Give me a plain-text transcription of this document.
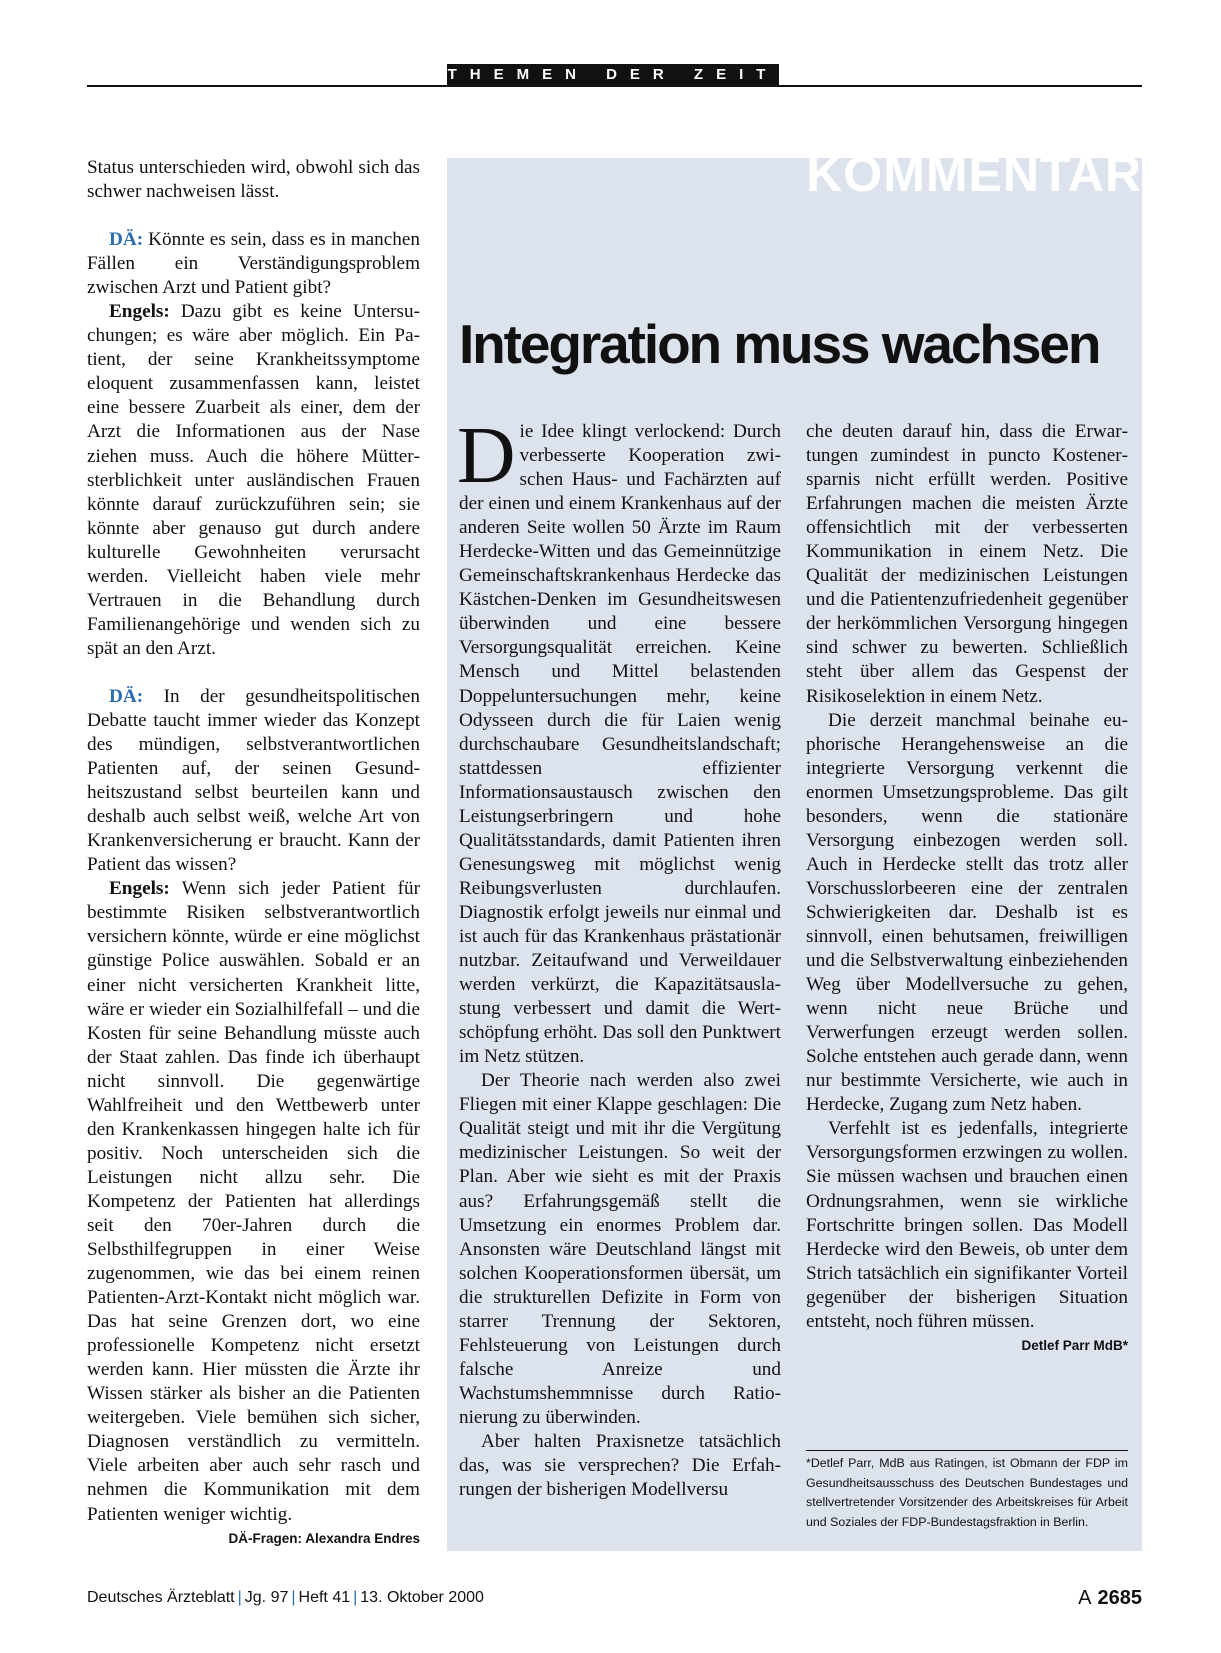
THEMEN DER ZEIT

Status unterschieden wird, obwohl sich das schwer nachweisen lässt.

DÄ: Könnte es sein, dass es in manchen Fällen ein Verständigungsproblem zwischen Arzt und Patient gibt?

Engels: Dazu gibt es keine Untersuchungen; es wäre aber möglich. Ein Patient, der seine Krankheitssymptome eloquent zusammenfassen kann, leistet eine bessere Zuarbeit als einer, dem der Arzt die Informationen aus der Nase ziehen muss. Auch die höhere Müttersterblichkeit unter ausländischen Frauen könnte darauf zurückzuführen sein; sie könnte aber genauso gut durch andere kulturelle Gewohnheiten verursacht werden. Vielleicht haben viele mehr Vertrauen in die Behandlung durch Familienangehörige und wenden sich zu spät an den Arzt.

DÄ: In der gesundheitspolitischen Debatte taucht immer wieder das Konzept des mündigen, selbstverantwortlichen Patienten auf, der seinen Gesundheitszustand selbst beurteilen kann und deshalb auch selbst weiß, welche Art von Krankenversicherung er braucht. Kann der Patient das wissen?

Engels: Wenn sich jeder Patient für bestimmte Risiken selbstverantwortlich versichern könnte, würde er eine möglichst günstige Police auswählen. Sobald er an einer nicht versicherten Krankheit litte, wäre er wieder ein Sozialhilfefall – und die Kosten für seine Behandlung müsste auch der Staat zahlen. Das finde ich überhaupt nicht sinnvoll. Die gegenwärtige Wahlfreiheit und den Wettbewerb unter den Krankenkassen hingegen halte ich für positiv. Noch unterscheiden sich die Leistungen nicht allzu sehr. Die Kompetenz der Patienten hat allerdings seit den 70er-Jahren durch die Selbsthilfegruppen in einer Weise zugenommen, wie das bei einem reinen Patienten-Arzt-Kontakt nicht möglich war. Das hat seine Grenzen dort, wo eine professionelle Kompetenz nicht ersetzt werden kann. Hier müssten die Ärzte ihr Wissen stärker als bisher an die Patienten weitergeben. Viele bemühen sich sicher, Diagnosen verständlich zu vermitteln. Viele arbeiten aber auch sehr rasch und nehmen die Kommunikation mit dem Patienten weniger wichtig.
DÄ-Fragen: Alexandra Endres

KOMMENTAR
Integration muss wachsen

Die Idee klingt verlockend: Durch verbesserte Kooperation zwischen Haus- und Fachärzten auf der einen und einem Krankenhaus auf der anderen Seite wollen 50 Ärzte im Raum Herdecke-Witten und das Gemeinnützige Gemeinschaftskrankenhaus Herdecke das Kästchen-Denken im Gesundheitswesen überwinden und eine bessere Versorgungsqualität erreichen. Keine Mensch und Mittel belastenden Doppeluntersuchungen mehr, keine Odysseen durch die für Laien wenig durchschaubare Gesundheitslandschaft; stattdessen effizienter Informationsaustausch zwischen den Leistungserbringern und hohe Qualitätsstandards, damit Patienten ihren Genesungsweg mit möglichst wenig Reibungsverlusten durchlaufen. Diagnostik erfolgt jeweils nur einmal und ist auch für das Krankenhaus prästationär nutzbar. Zeitaufwand und Verweildauer werden verkürzt, die Kapazitätsauslastung verbessert und damit die Wertschöpfung erhöht. Das soll den Punktwert im Netz stützen.

Der Theorie nach werden also zwei Fliegen mit einer Klappe geschlagen: Die Qualität steigt und mit ihr die Vergütung medizinischer Leistungen. So weit der Plan. Aber wie sieht es mit der Praxis aus? Erfahrungsgemäß stellt die Umsetzung ein enormes Problem dar. Ansonsten wäre Deutschland längst mit solchen Kooperationsformen übersät, um die strukturellen Defizite in Form von starrer Trennung der Sektoren, Fehlsteuerung von Leistungen durch falsche Anreize und Wachstumshemmnisse durch Rationierung zu überwinden.

Aber halten Praxisnetze tatsächlich das, was sie versprechen? Die Erfahrungen der bisherigen Modellversu

che deuten darauf hin, dass die Erwartungen zumindest in puncto Kostenersparnis nicht erfüllt werden. Positive Erfahrungen machen die meisten Ärzte offensichtlich mit der verbesserten Kommunikation in einem Netz. Die Qualität der medizinischen Leistungen und die Patientenzufriedenheit gegenüber der herkömmlichen Versorgung hingegen sind schwer zu bewerten. Schließlich steht über allem das Gespenst der Risikoselektion in einem Netz.

Die derzeit manchmal beinahe euphorische Herangehensweise an die integrierte Versorgung verkennt die enormen Umsetzungsprobleme. Das gilt besonders, wenn die stationäre Versorgung einbezogen werden soll. Auch in Herdecke stellt das trotz aller Vorschusslorbeeren eine der zentralen Schwierigkeiten dar. Deshalb ist es sinnvoll, einen behutsamen, freiwilligen und die Selbstverwaltung einbeziehenden Weg über Modellversuche zu gehen, wenn nicht neue Brüche und Verwerfungen erzeugt werden sollen. Solche entstehen auch gerade dann, wenn nur bestimmte Versicherte, wie auch in Herdecke, Zugang zum Netz haben.

Verfehlt ist es jedenfalls, integrierte Versorgungsformen erzwingen zu wollen. Sie müssen wachsen und brauchen einen Ordnungsrahmen, wenn sie wirkliche Fortschritte bringen sollen. Das Modell Herdecke wird den Beweis, ob unter dem Strich tatsächlich ein signifikanter Vorteil gegenüber der bisherigen Situation entsteht, noch führen müssen.
Detlef Parr MdB*

*Detlef Parr, MdB aus Ratingen, ist Obmann der FDP im Gesundheitsausschuss des Deutschen Bundestages und stellvertretender Vorsitzender des Arbeitskreises für Arbeit und Soziales der FDP-Bundestagsfraktion in Berlin.
Deutsches Ärzteblatt | Jg. 97 | Heft 41 | 13. Oktober 2000	A 2685
